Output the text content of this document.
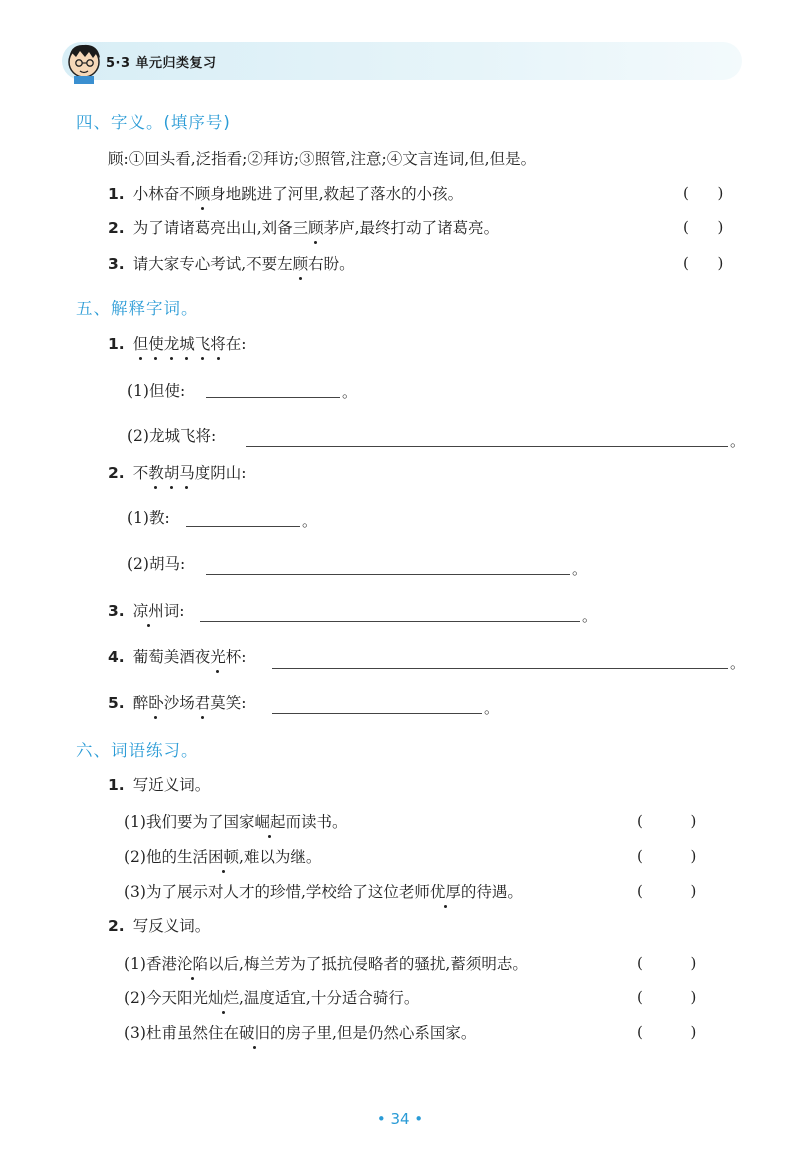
5·3 单元归类复习
四、字义。(填序号)
顾:①回头看,泛指看;②拜访;③照管,注意;④文言连词,但,但是。
1. 小林奋不顾身地跳进了河里,救起了落水的小孩。	(      )
2. 为了请诸葛亮出山,刘备三顾茅庐,最终打动了诸葛亮。	(      )
3. 请大家专心考试,不要左顾右盼。	(      )
五、解释字词。
1. 但使龙城飞将在:
(1)但使:	。
(2)龙城飞将:	。
2. 不教胡马度阴山:
(1)教:	。
(2)胡马:	。
3. 凉州词:	。
4. 葡萄美酒夜光杯:	。
5. 醉卧沙场君莫笑:	。
六、词语练习。
1. 写近义词。
(1)我们要为了国家崛起而读书。	(          )
(2)他的生活困顿,难以为继。	(          )
(3)为了展示对人才的珍惜,学校给了这位老师优厚的待遇。	(          )
2. 写反义词。
(1)香港沦陷以后,梅兰芳为了抵抗侵略者的骚扰,蓄须明志。	(          )
(2)今天阳光灿烂,温度适宜,十分适合骑行。	(          )
(3)杜甫虽然住在破旧的房子里,但是仍然心系国家。	(          )
• 34 •
